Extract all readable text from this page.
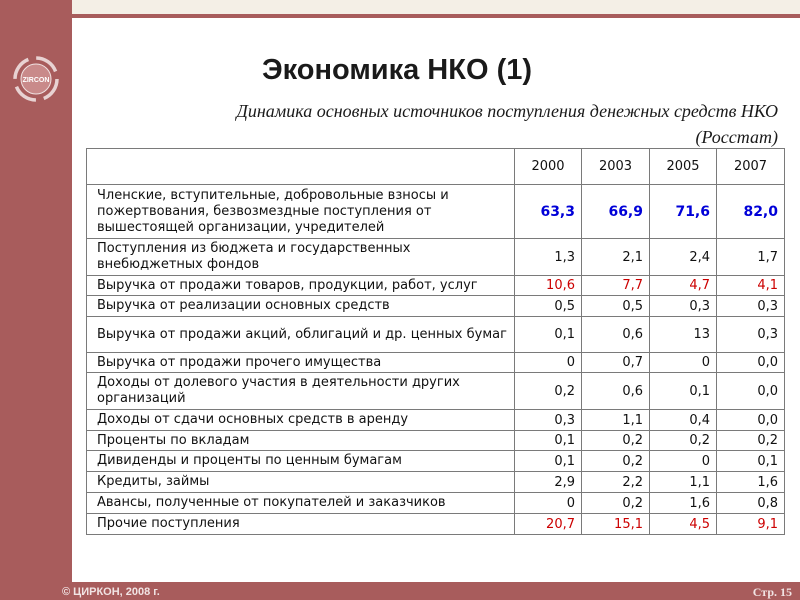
ZIRCON	Экономика НКО (1)
Динамика основных источников поступления денежных средств НКО
(Росстат)
	2000	2003	2005	2007
Членские, вступительные, добровольные взносы и пожертвования, безвозмездные поступления от вышестоящей организации, учредителей	63,3	66,9	71,6	82,0
Поступления из бюджета и государственных внебюджетных фондов	1,3	2,1	2,4	1,7
Выручка от продажи товаров, продукции, работ, услуг	10,6	7,7	4,7	4,1
Выручка от реализации основных средств	0,5	0,5	0,3	0,3
Выручка от продажи акций, облигаций и др. ценных бумаг	0,1	0,6	13	0,3
Выручка от продажи прочего имущества	0	0,7	0	0,0
Доходы от долевого участия в деятельности других организаций	0,2	0,6	0,1	0,0
Доходы от сдачи основных средств в аренду	0,3	1,1	0,4	0,0
Проценты по вкладам	0,1	0,2	0,2	0,2
Дивиденды и проценты по ценным бумагам	0,1	0,2	0	0,1
Кредиты, займы	2,9	2,2	1,1	1,6
Авансы, полученные от покупателей и заказчиков	0	0,2	1,6	0,8
Прочие поступления	20,7	15,1	4,5	9,1
© ЦИРКОН, 2008 г.	Стр. 15
